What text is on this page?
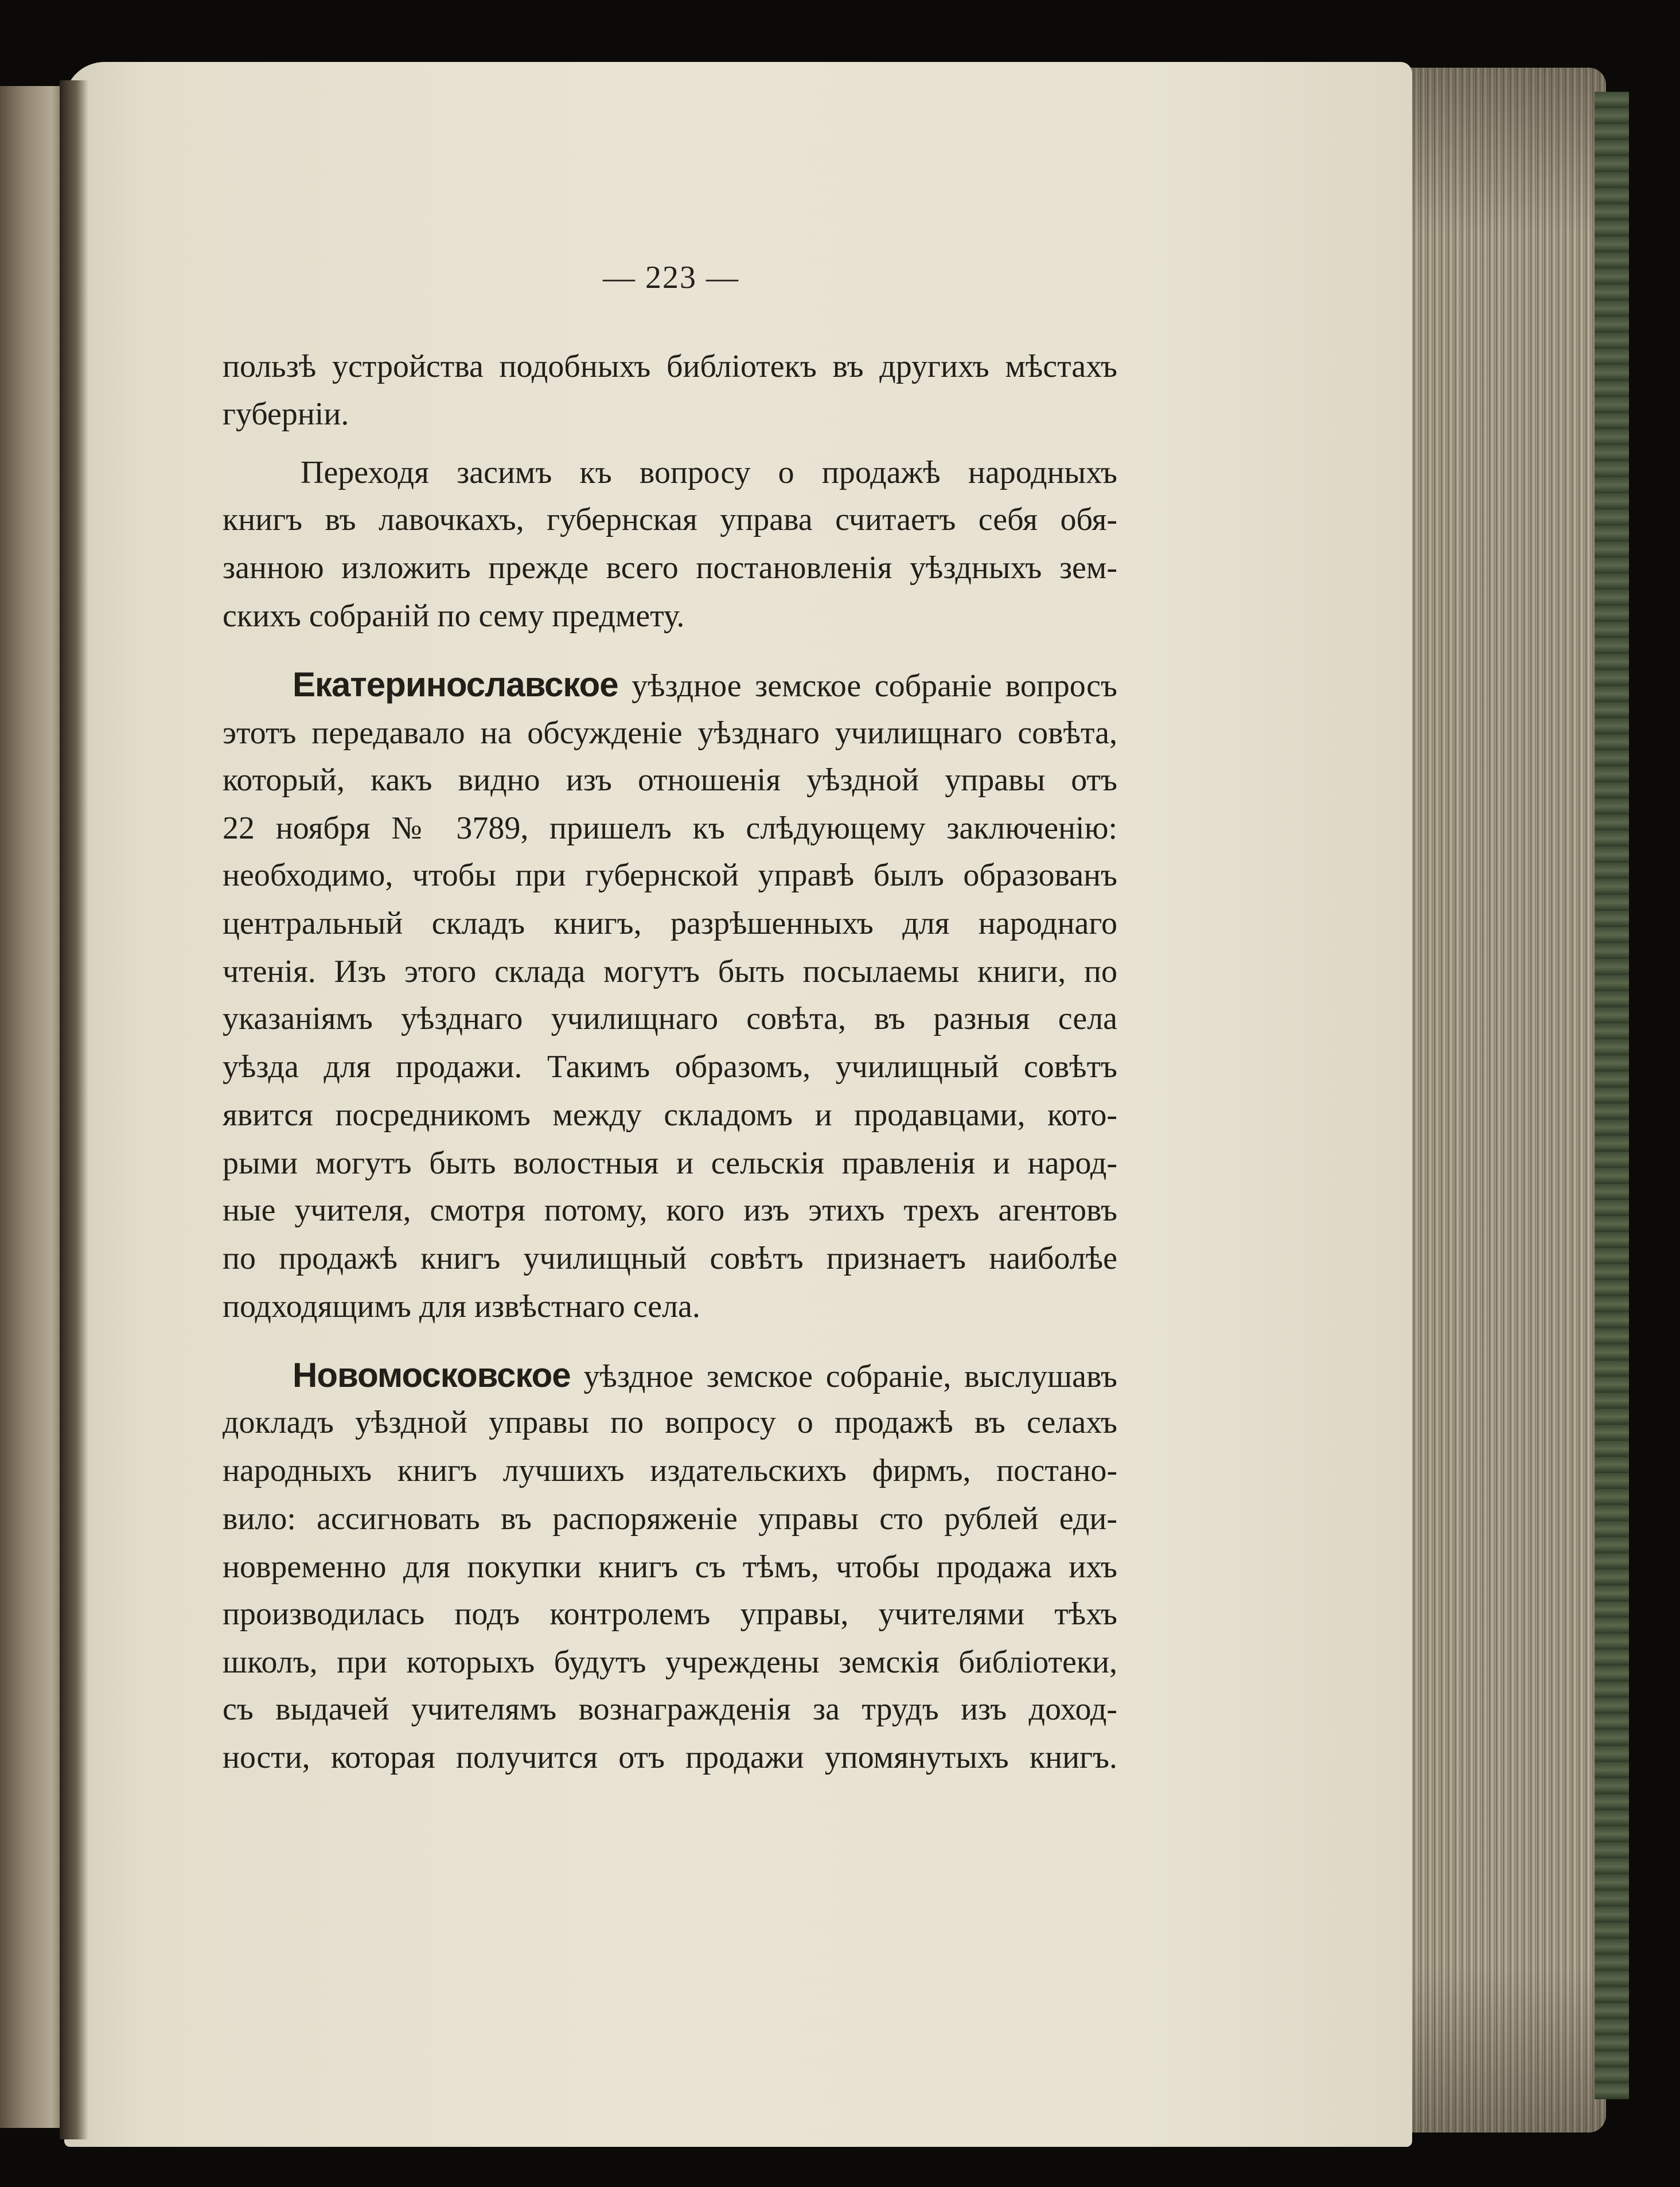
— 223 —
пользѣ устройства подобныхъ библіотекъ въ другихъ мѣстахъ
губерніи.
Переходя засимъ къ вопросу о продажѣ народныхъ
книгъ въ лавочкахъ, губернская управа считаетъ себя обя-
занною изложить прежде всего постановленія уѣздныхъ зем-
скихъ собраній по сему предмету.
Екатеринославское уѣздное земское собраніе вопросъ
этотъ передавало на обсужденіе уѣзднаго училищнаго совѣта,
который, какъ видно изъ отношенія уѣздной управы отъ
22 ноября № 3789, пришелъ къ слѣдующему заключенію:
необходимо, чтобы при губернской управѣ былъ образованъ
центральный складъ книгъ, разрѣшенныхъ для народнаго
чтенія. Изъ этого склада могутъ быть посылаемы книги, по
указаніямъ уѣзднаго училищнаго совѣта, въ разныя села
уѣзда для продажи. Такимъ образомъ, училищный совѣтъ
явится посредникомъ между складомъ и продавцами, кото-
рыми могутъ быть волостныя и сельскія правленія и народ-
ные учителя, смотря потому, кого изъ этихъ трехъ агентовъ
по продажѣ книгъ училищный совѣтъ признаетъ наиболѣе
подходящимъ для извѣстнаго села.
Новомосковское уѣздное земское собраніе, выслушавъ
докладъ уѣздной управы по вопросу о продажѣ въ селахъ
народныхъ книгъ лучшихъ издательскихъ фирмъ, постано-
вило: ассигновать въ распоряженіе управы сто рублей еди-
новременно для покупки книгъ съ тѣмъ, чтобы продажа ихъ
производилась подъ контролемъ управы, учителями тѣхъ
школъ, при которыхъ будутъ учреждены земскія библіотеки,
съ выдачей учителямъ вознагражденія за трудъ изъ доход-
ности, которая получится отъ продажи упомянутыхъ книгъ.
